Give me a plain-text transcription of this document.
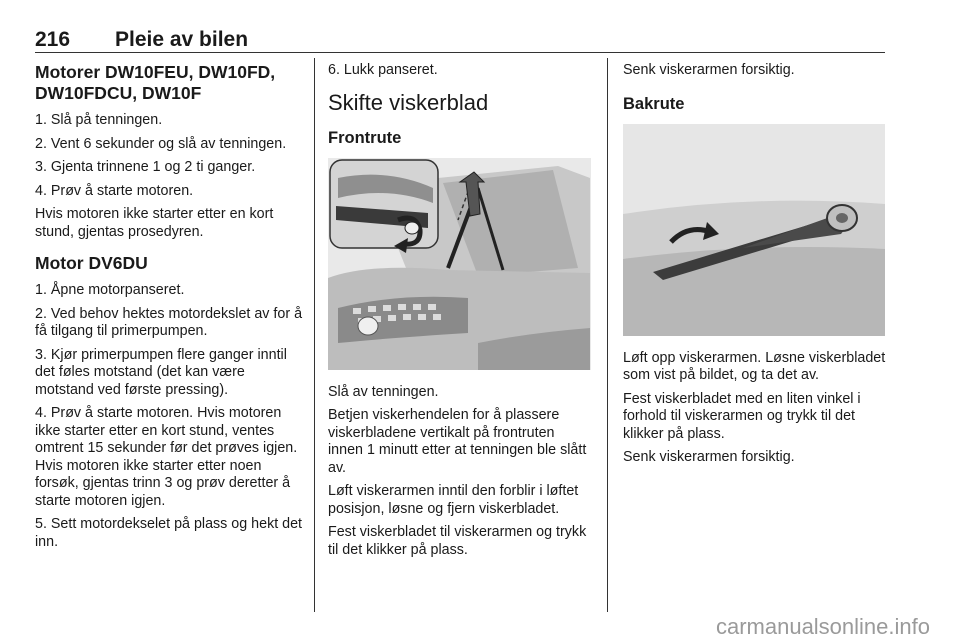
216 Pleie av bilen
Motorer DW10FEU, DW10FD, DW10FDCU, DW10F

1. Slå på tenningen.

2. Vent 6 sekunder og slå av tenningen.

3. Gjenta trinnene 1 og 2 ti ganger.

4. Prøv å starte motoren.

Hvis motoren ikke starter etter en kort stund, gjentas prosedyren.

Motor DV6DU

1. Åpne motorpanseret.

2. Ved behov hektes motordekslet av for å få tilgang til primerpumpen.

3. Kjør primerpumpen flere ganger inntil det føles motstand (det kan være motstand ved første pressing).

4. Prøv å starte motoren. Hvis motoren ikke starter etter en kort stund, ventes omtrent 15 sekunder før det prøves igjen. Hvis motoren ikke starter etter noen forsøk, gjentas trinn 3 og prøv deretter å starte motoren igjen.

5. Sett motordekselet på plass og hekt det inn.

6. Lukk panseret.

Skifte viskerblad
Frontrute

Slå av tenningen.

Betjen viskerhendelen for å plassere viskerbladene vertikalt på frontruten innen 1 minutt etter at tenningen ble slått av.

Løft viskerarmen inntil den forblir i løftet posisjon, løsne og fjern viskerbladet.

Fest viskerbladet til viskerarmen og trykk til det klikker på plass.

Senk viskerarmen forsiktig.

Bakrute

Løft opp viskerarmen. Løsne viskerbladet som vist på bildet, og ta det av.

Fest viskerbladet med en liten vinkel i forhold til viskerarmen og trykk til det klikker på plass.

Senk viskerarmen forsiktig.

carmanualsonline.info
